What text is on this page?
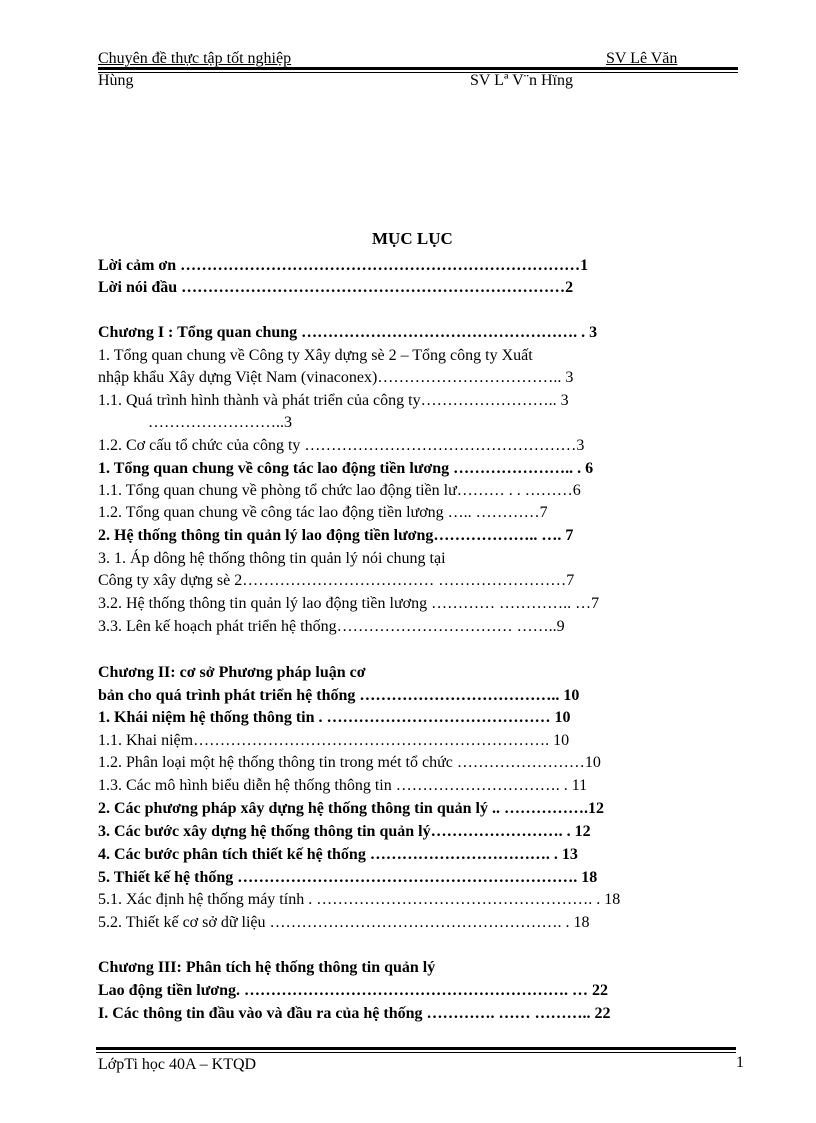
Chuyên đề thực tập tốt nghiệp	SV Lê Văn
Hùng	SV Lª V¨n Hïng
MỤC LỤC
Lời cảm ơn …………………………………………………………………1
Lời nói đầu ………………………………………………………………2
Chương I : Tổng quan chung ……………………………………………. . 3
1. Tổng quan chung về Công ty Xây dựng sè 2 – Tổng công ty Xuất
nhập khẩu Xây dựng Việt Nam (vinaconex)…………………………….. 3
1.1. Quá trình hình thành và phát triển của công ty…………………….. 3
……………………..3
1.2. Cơ cấu tổ chức của công ty ……………………………………………3
1. Tổng quan chung về công tác lao động tiền lương ………………….. . 6
1.1. Tổng quan chung về phòng tổ chức lao động tiền lư……… . . ………6
1.2. Tổng quan chung về công tác lao động tiền lương ….. …………7
2. Hệ thống thông tin quản lý lao động tiền lương……………….. …. 7
3. 1. Áp dông hệ thống thông tin quản lý nói chung tại
Công ty xây dựng sè 2……………………………… ……………………7
3.2. Hệ thống thông tin quản lý lao động tiền lương ………… ………….. …7
3.3. Lên kế hoạch phát triển hệ thống…………………………… ……..9
Chương II: cơ sở Phương pháp luận cơ
bản cho quá trình phát triển hệ thống ……………………………….. 10
1. Khái niệm hệ thống thông tin . …………………………………… 10
1.1. Khai niệm…………………………………………………………. 10
1.2. Phân loại một hệ thống thông tin trong mét tổ chức ……………………10
1.3. Các mô hình biểu diễn hệ thống thông tin …………………………. . 11
2. Các phương pháp xây dựng hệ thống thông tin quản lý .. …………….12
3. Các bước xây dựng hệ thống thông tin quản lý……………………. . 12
4. Các bước phân tích thiết kế hệ thống ……………………………. . 13
5. Thiết kế hệ thống ………………………………………………………. 18
5.1. Xác định hệ thống máy tính . ……………………………………………. . 18
5.2. Thiết kế cơ sở dữ liệu ………………………………………………. . 18
Chương III: Phân tích hệ thống thông tin quản lý
Lao động tiền lương. ……………………………………………………. … 22
I. Các thông tin đầu vào và đầu ra của hệ thống …………. …… ……….. 22
LớpTi học 40A – KTQD	1
